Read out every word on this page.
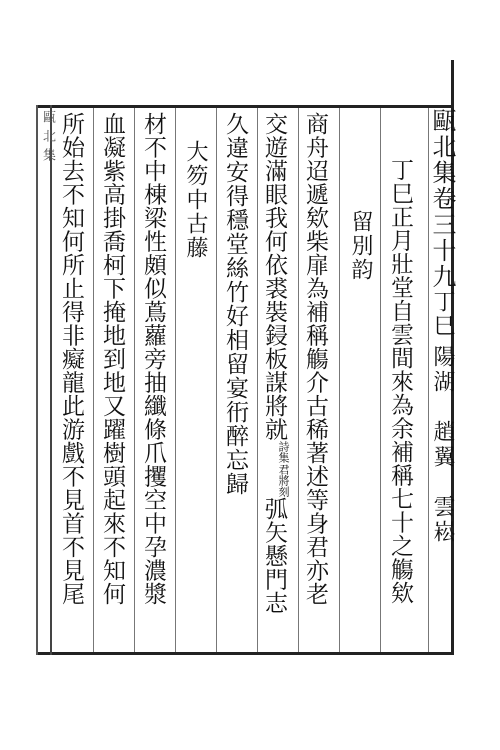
甌北集	甌北集卷三十九丁巳
陽湖　趙翼　雲崧
丁巳正月壯堂自雲間來為余補稱七十之觴欸
留別韵
商舟迢遞欸柴扉為補稱觴介古稀著述等身君亦老
交遊滿眼我何依裘裝鋟板謀將就
君將刻
詩集
弧矢懸門志
久違安得穩堂絲竹好相留宴衎醉忘歸
大笏中古藤
材不中棟梁性頗似蔦蘿旁抽纖條爪攫空中孕濃漿
血凝紫高掛喬柯下掩地到地又躍樹頭起來不知何
所始去不知何所止得非癡龍此游戲不見首不見尾
